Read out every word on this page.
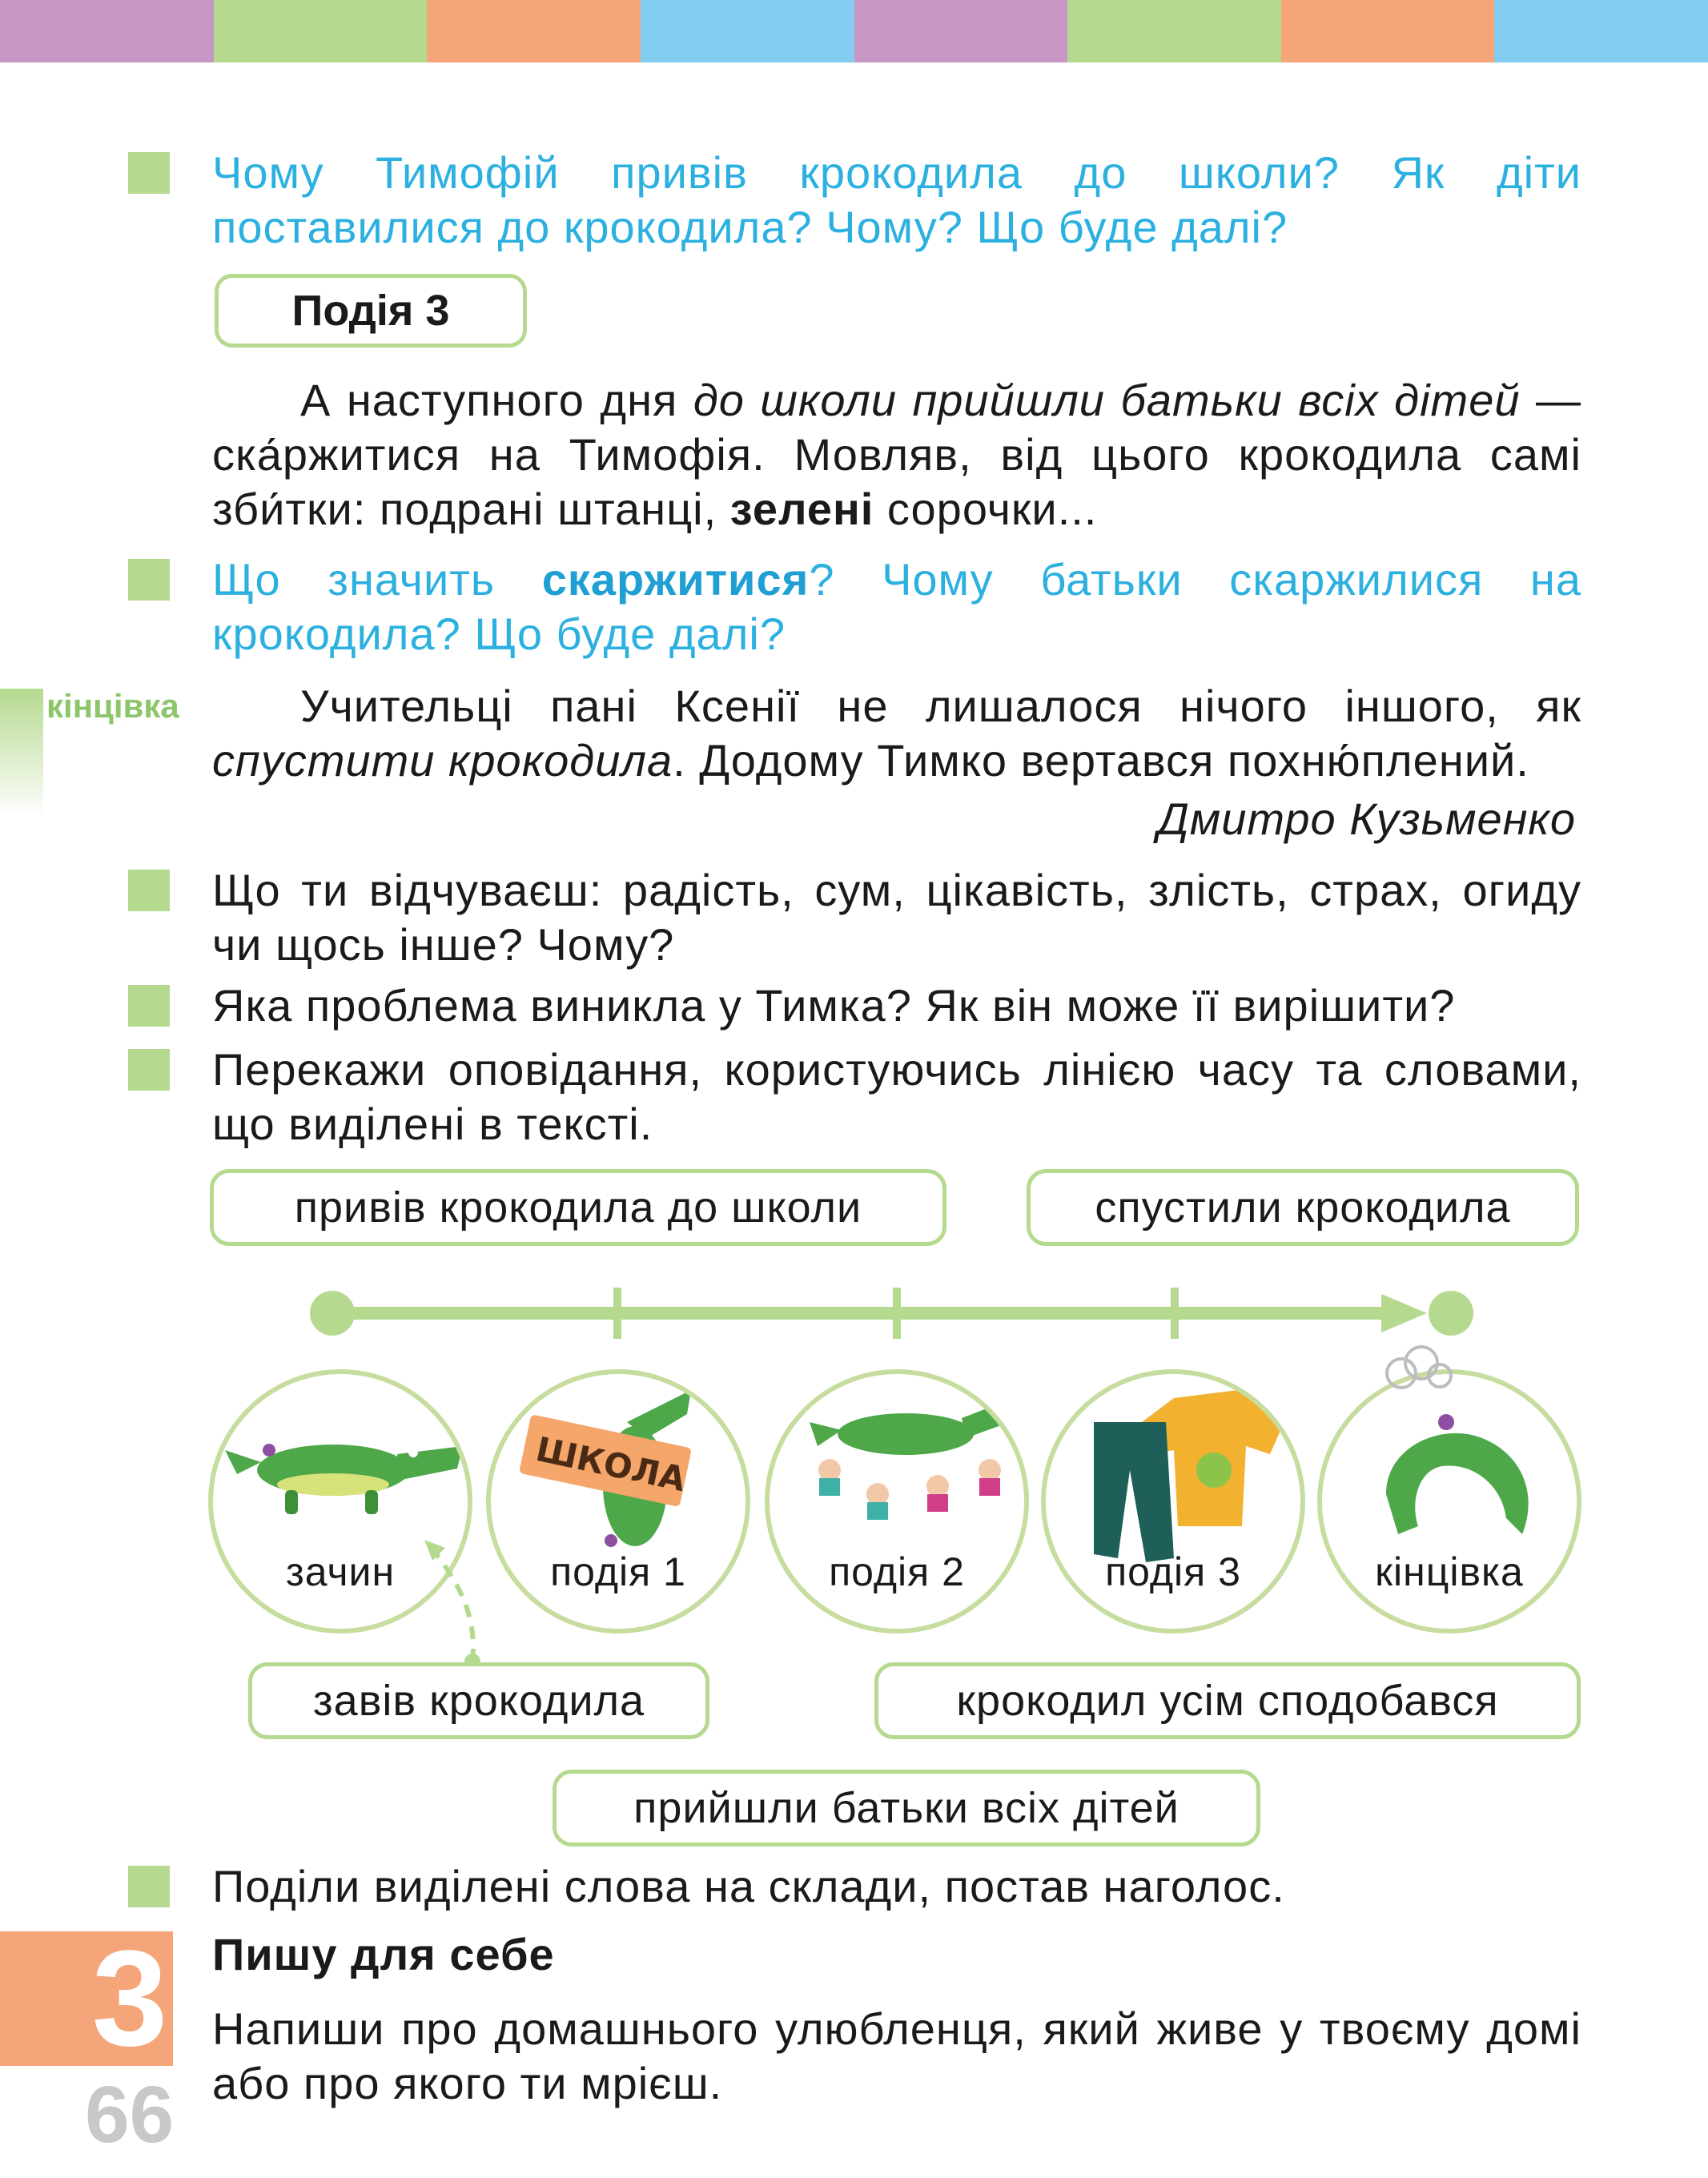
Чому Тимофій привів крокодила до школи? Як діти поставилися до крокодила? Чому? Що буде далі?
Подія 3
А наступного дня до школи прийшли батьки всіх дітей — ска́ржитися на Тимофія. Мовляв, від цього крокодила самі зби́тки: подрані штанці, зелені сорочки...
Що значить скаржитися? Чому батьки скаржилися на крокодила? Що буде далі?
кінцівка	Учительці пані Ксенії не лишалося нічого іншого, як спустити крокодила. Додому Тимко вертався похню́плений.
Дмитро Кузьменко
Що ти відчуваєш: радість, сум, цікавість, злість, страх, огиду чи щось інше? Чому?
Яка проблема виникла у Тимка? Як він може її вирішити?
Перекажи оповідання, користуючись лінією часу та словами, що виділені в тексті.
привів крокодила до школи	спустили крокодила
зачин
ШКОЛА
подія 1	подія 2	подія 3	кінцівка
завів крокодила	крокодил усім сподобався
прийшли батьки всіх дітей
Поділи виділені слова на склади, постав наголос.
3 Пишу для себе
Напиши про домашнього улюбленця, який живе у твоєму домі або про якого ти мрієш.
66
